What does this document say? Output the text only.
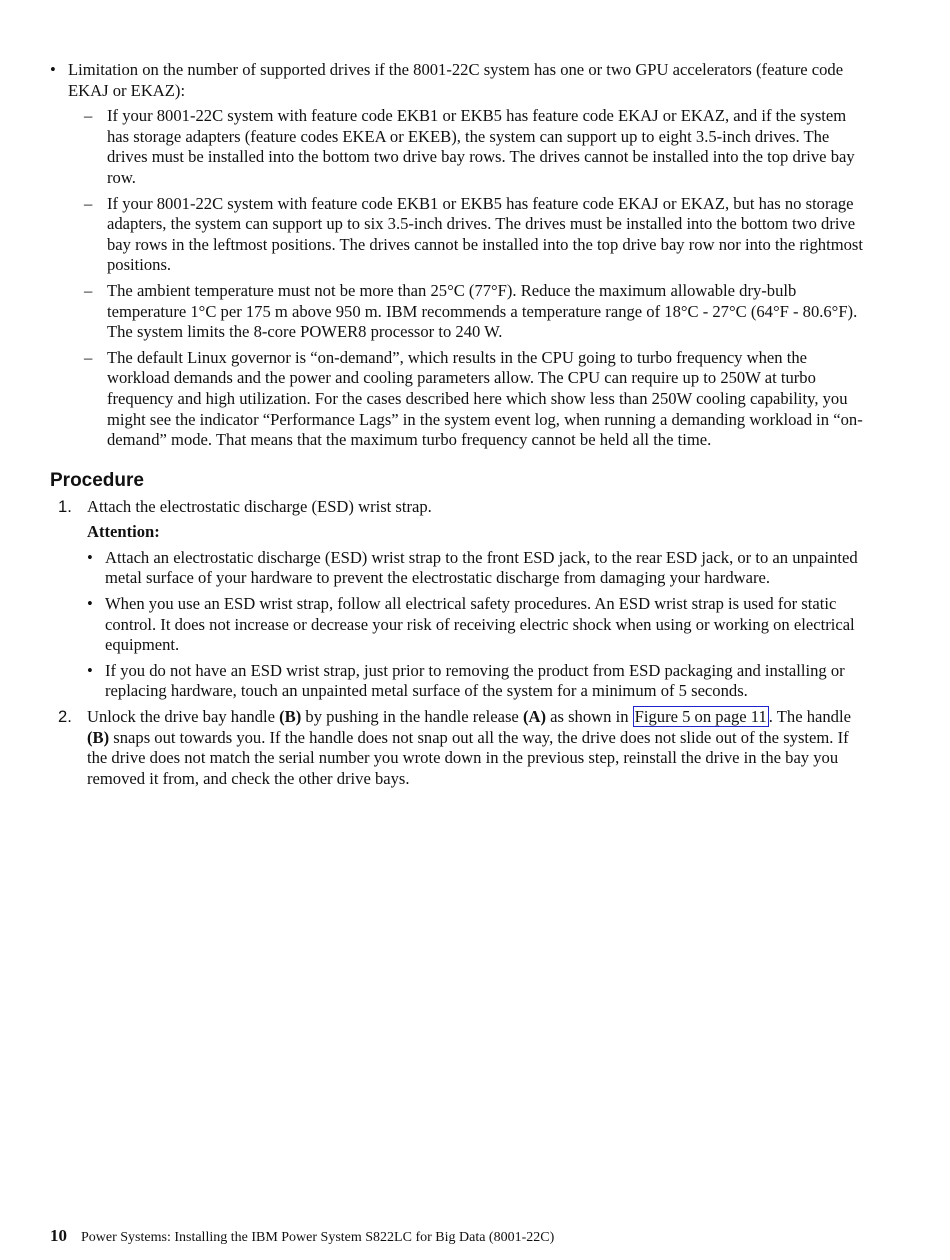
• Limitation on the number of supported drives if the 8001-22C system has one or two GPU accelerators (feature code EKAJ or EKAZ):

– If your 8001-22C system with feature code EKB1 or EKB5 has feature code EKAJ or EKAZ, and if the system has storage adapters (feature codes EKEA or EKEB), the system can support up to eight 3.5-inch drives. The drives must be installed into the bottom two drive bay rows. The drives cannot be installed into the top drive bay row.

– If your 8001-22C system with feature code EKB1 or EKB5 has feature code EKAJ or EKAZ, but has no storage adapters, the system can support up to six 3.5-inch drives. The drives must be installed into the bottom two drive bay rows in the leftmost positions. The drives cannot be installed into the top drive bay row nor into the rightmost positions.

– The ambient temperature must not be more than 25°C (77°F). Reduce the maximum allowable dry-bulb temperature 1°C per 175 m above 950 m. IBM recommends a temperature range of 18°C - 27°C (64°F - 80.6°F). The system limits the 8-core POWER8 processor to 240 W.

– The default Linux governor is “on-demand”, which results in the CPU going to turbo frequency when the workload demands and the power and cooling parameters allow. The CPU can require up to 250W at turbo frequency and high utilization. For the cases described here which show less than 250W cooling capability, you might see the indicator “Performance Lags” in the system event log, when running a demanding workload in “on-demand” mode. That means that the maximum turbo frequency cannot be held all the time.

Procedure
1. Attach the electrostatic discharge (ESD) wrist strap.

Attention:

• Attach an electrostatic discharge (ESD) wrist strap to the front ESD jack, to the rear ESD jack, or to an unpainted metal surface of your hardware to prevent the electrostatic discharge from damaging your hardware.

• When you use an ESD wrist strap, follow all electrical safety procedures. An ESD wrist strap is used for static control. It does not increase or decrease your risk of receiving electric shock when using or working on electrical equipment.

• If you do not have an ESD wrist strap, just prior to removing the product from ESD packaging and installing or replacing hardware, touch an unpainted metal surface of the system for a minimum of 5 seconds.

2. Unlock the drive bay handle (B) by pushing in the handle release (A) as shown in Figure 5 on page 11 . The handle (B) snaps out towards you. If the handle does not snap out all the way, the drive does not slide out of the system. If the drive does not match the serial number you wrote down in the previous step, reinstall the drive in the bay you removed it from, and check the other drive bays.

10 Power Systems: Installing the IBM Power System S822LC for Big Data (8001-22C)
